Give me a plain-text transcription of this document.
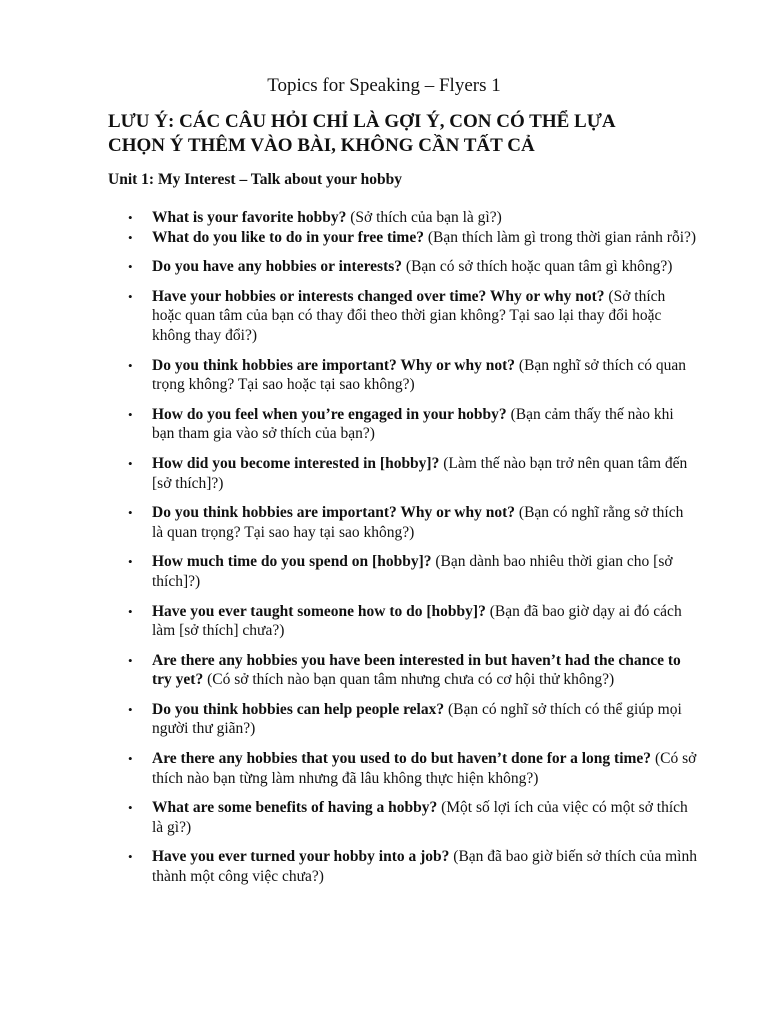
Topics for Speaking – Flyers 1

LƯU Ý: CÁC CÂU HỎI CHỈ LÀ GỢI Ý, CON CÓ THỂ LỰA CHỌN Ý THÊM VÀO BÀI, KHÔNG CẦN TẤT CẢ

Unit 1: My Interest – Talk about your hobby

• What is your favorite hobby? (Sở thích của bạn là gì?)
• What do you like to do in your free time? (Bạn thích làm gì trong thời gian rảnh rỗi?)
• Do you have any hobbies or interests? (Bạn có sở thích hoặc quan tâm gì không?)
• Have your hobbies or interests changed over time? Why or why not? (Sở thích hoặc quan tâm của bạn có thay đổi theo thời gian không? Tại sao lại thay đổi hoặc không thay đổi?)
• Do you think hobbies are important? Why or why not? (Bạn nghĩ sở thích có quan trọng không? Tại sao hoặc tại sao không?)
• How do you feel when you’re engaged in your hobby? (Bạn cảm thấy thế nào khi bạn tham gia vào sở thích của bạn?)
• How did you become interested in [hobby]? (Làm thế nào bạn trở nên quan tâm đến [sở thích]?)
• Do you think hobbies are important? Why or why not? (Bạn có nghĩ rằng sở thích là quan trọng? Tại sao hay tại sao không?)
• How much time do you spend on [hobby]? (Bạn dành bao nhiêu thời gian cho [sở thích]?)
• Have you ever taught someone how to do [hobby]? (Bạn đã bao giờ dạy ai đó cách làm [sở thích] chưa?)
• Are there any hobbies you have been interested in but haven’t had the chance to try yet? (Có sở thích nào bạn quan tâm nhưng chưa có cơ hội thử không?)
• Do you think hobbies can help people relax? (Bạn có nghĩ sở thích có thể giúp mọi người thư giãn?)
• Are there any hobbies that you used to do but haven’t done for a long time? (Có sở thích nào bạn từng làm nhưng đã lâu không thực hiện không?)
• What are some benefits of having a hobby? (Một số lợi ích của việc có một sở thích là gì?)
• Have you ever turned your hobby into a job? (Bạn đã bao giờ biến sở thích của mình thành một công việc chưa?)
